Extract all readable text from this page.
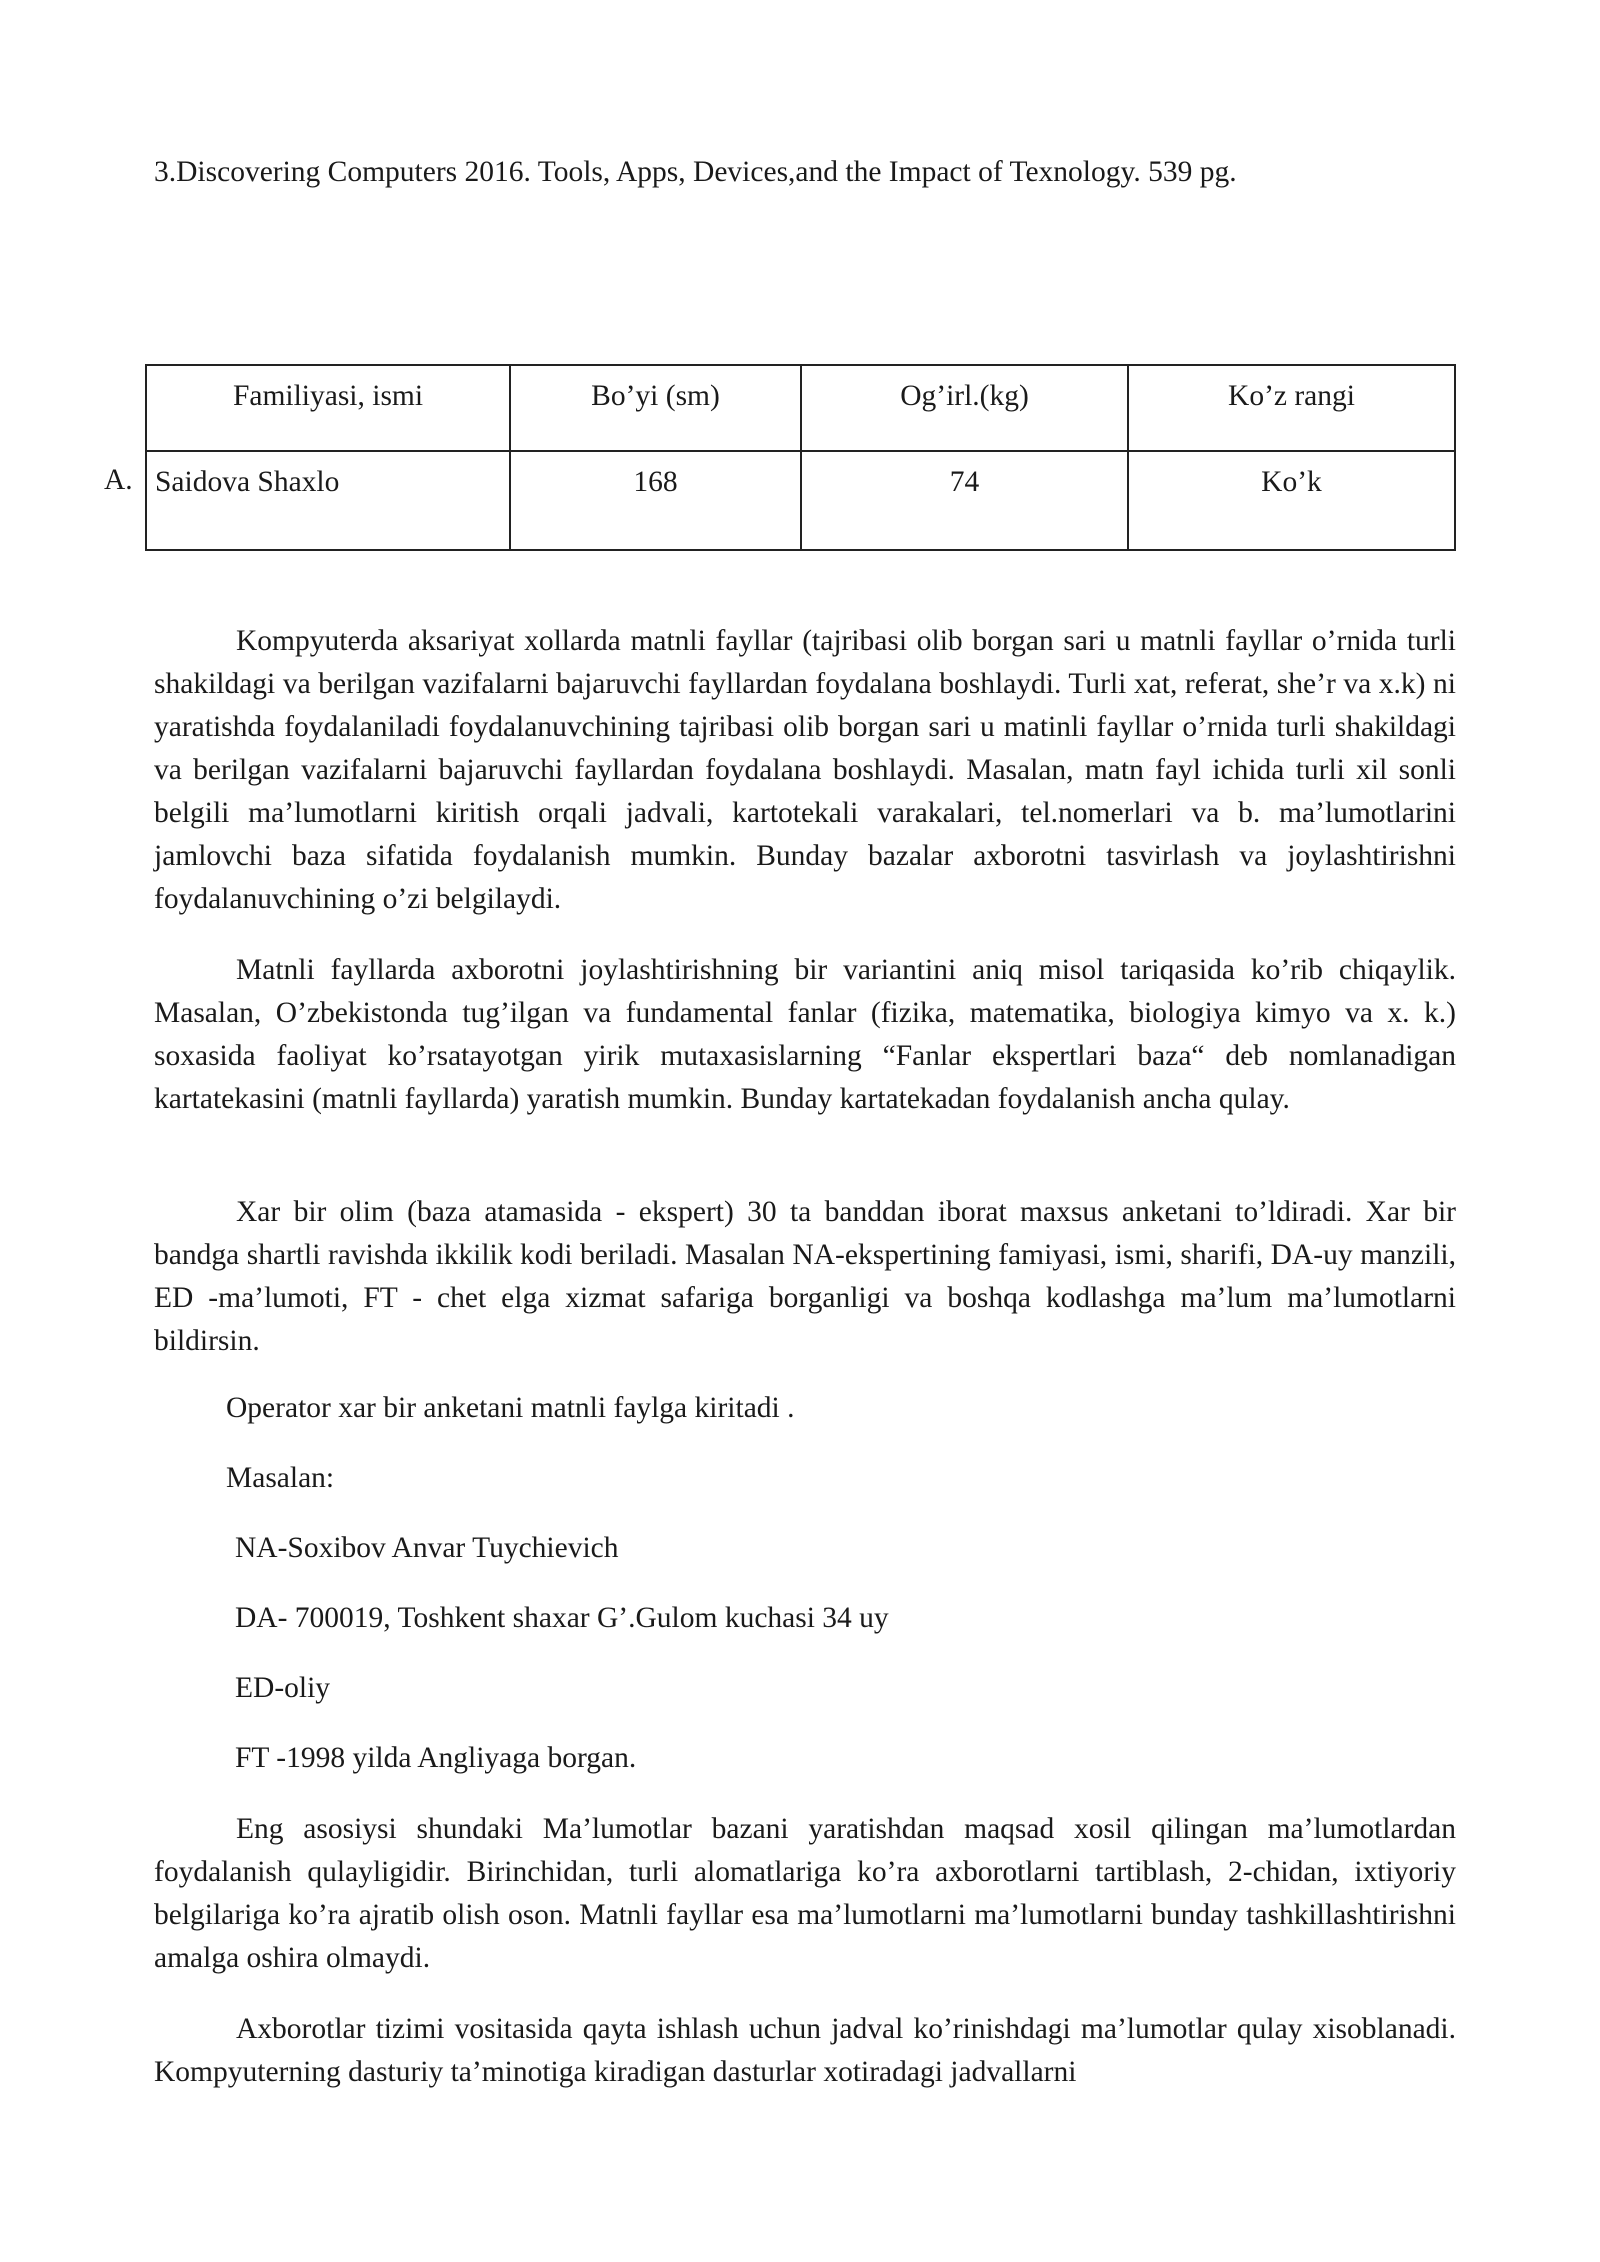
3.Discovering Computers 2016. Tools, Apps, Devices,and the Impact of Texnology. 539 pg.
A.
Familiyasi, ismi	Bo’yi (sm)	Og’irl.(kg)	Ko’z rangi
Saidova Shaxlo	168	74	Ko’k

Kompyuterda aksariyat xollarda matnli fayllar (tajribasi olib borgan sari u matnli fayllar o’rnida turli shakildagi va berilgan vazifalarni bajaruvchi fayllardan foydalana boshlaydi. Turli xat, referat, she’r va x.k) ni yaratishda foydalaniladi foydalanuvchining tajribasi olib borgan sari u matinli fayllar o’rnida turli shakildagi va berilgan vazifalarni bajaruvchi fayllardan foydalana boshlaydi. Masalan, matn fayl ichida turli xil sonli belgili ma’lumotlarni kiritish orqali jadvali, kartotekali varakalari, tel.nomerlari va b. ma’lumotlarini jamlovchi baza sifatida foydalanish mumkin. Bunday bazalar axborotni tasvirlash va joylashtirishni foydalanuvchining o’zi belgilaydi.

Matnli fayllarda axborotni joylashtirishning bir variantini aniq misol tariqasida ko’rib chiqaylik. Masalan, O’zbekistonda tug’ilgan va fundamental fanlar (fizika, matematika, biologiya kimyo va x. k.) soxasida faoliyat ko’rsatayotgan yirik mutaxasislarning “Fanlar ekspertlari baza“ deb nomlanadigan kartatekasini (matnli fayllarda) yaratish mumkin. Bunday kartatekadan foydalanish ancha qulay.

Xar bir olim (baza atamasida - ekspert) 30 ta banddan iborat maxsus anketani to’ldiradi. Xar bir bandga shartli ravishda ikkilik kodi beriladi. Masalan NA-ekspertining famiyasi, ismi, sharifi, DA-uy manzili, ED -ma’lumoti, FT - chet elga xizmat safariga borganligi va boshqa kodlashga ma’lum ma’lumotlarni bildirsin.

Operator xar bir anketani matnli faylga kiritadi .
Masalan:
NA-Soxibov Anvar Tuychievich
DA- 700019, Toshkent shaxar G’.Gulom kuchasi 34 uy
ED-oliy
FT -1998 yilda Angliyaga borgan.

Eng asosiysi shundaki Ma’lumotlar bazani yaratishdan maqsad xosil qilingan ma’lumotlardan foydalanish qulayligidir. Birinchidan, turli alomatlariga ko’ra axborotlarni tartiblash, 2-chidan, ixtiyoriy belgilariga ko’ra ajratib olish oson. Matnli fayllar esa ma’lumotlarni ma’lumotlarni bunday tashkillashtirishni amalga oshira olmaydi.

Axborotlar tizimi vositasida qayta ishlash uchun jadval ko’rinishdagi ma’lumotlar qulay xisoblanadi. Kompyuterning dasturiy ta’minotiga kiradigan dasturlar xotiradagi jadvallarni
